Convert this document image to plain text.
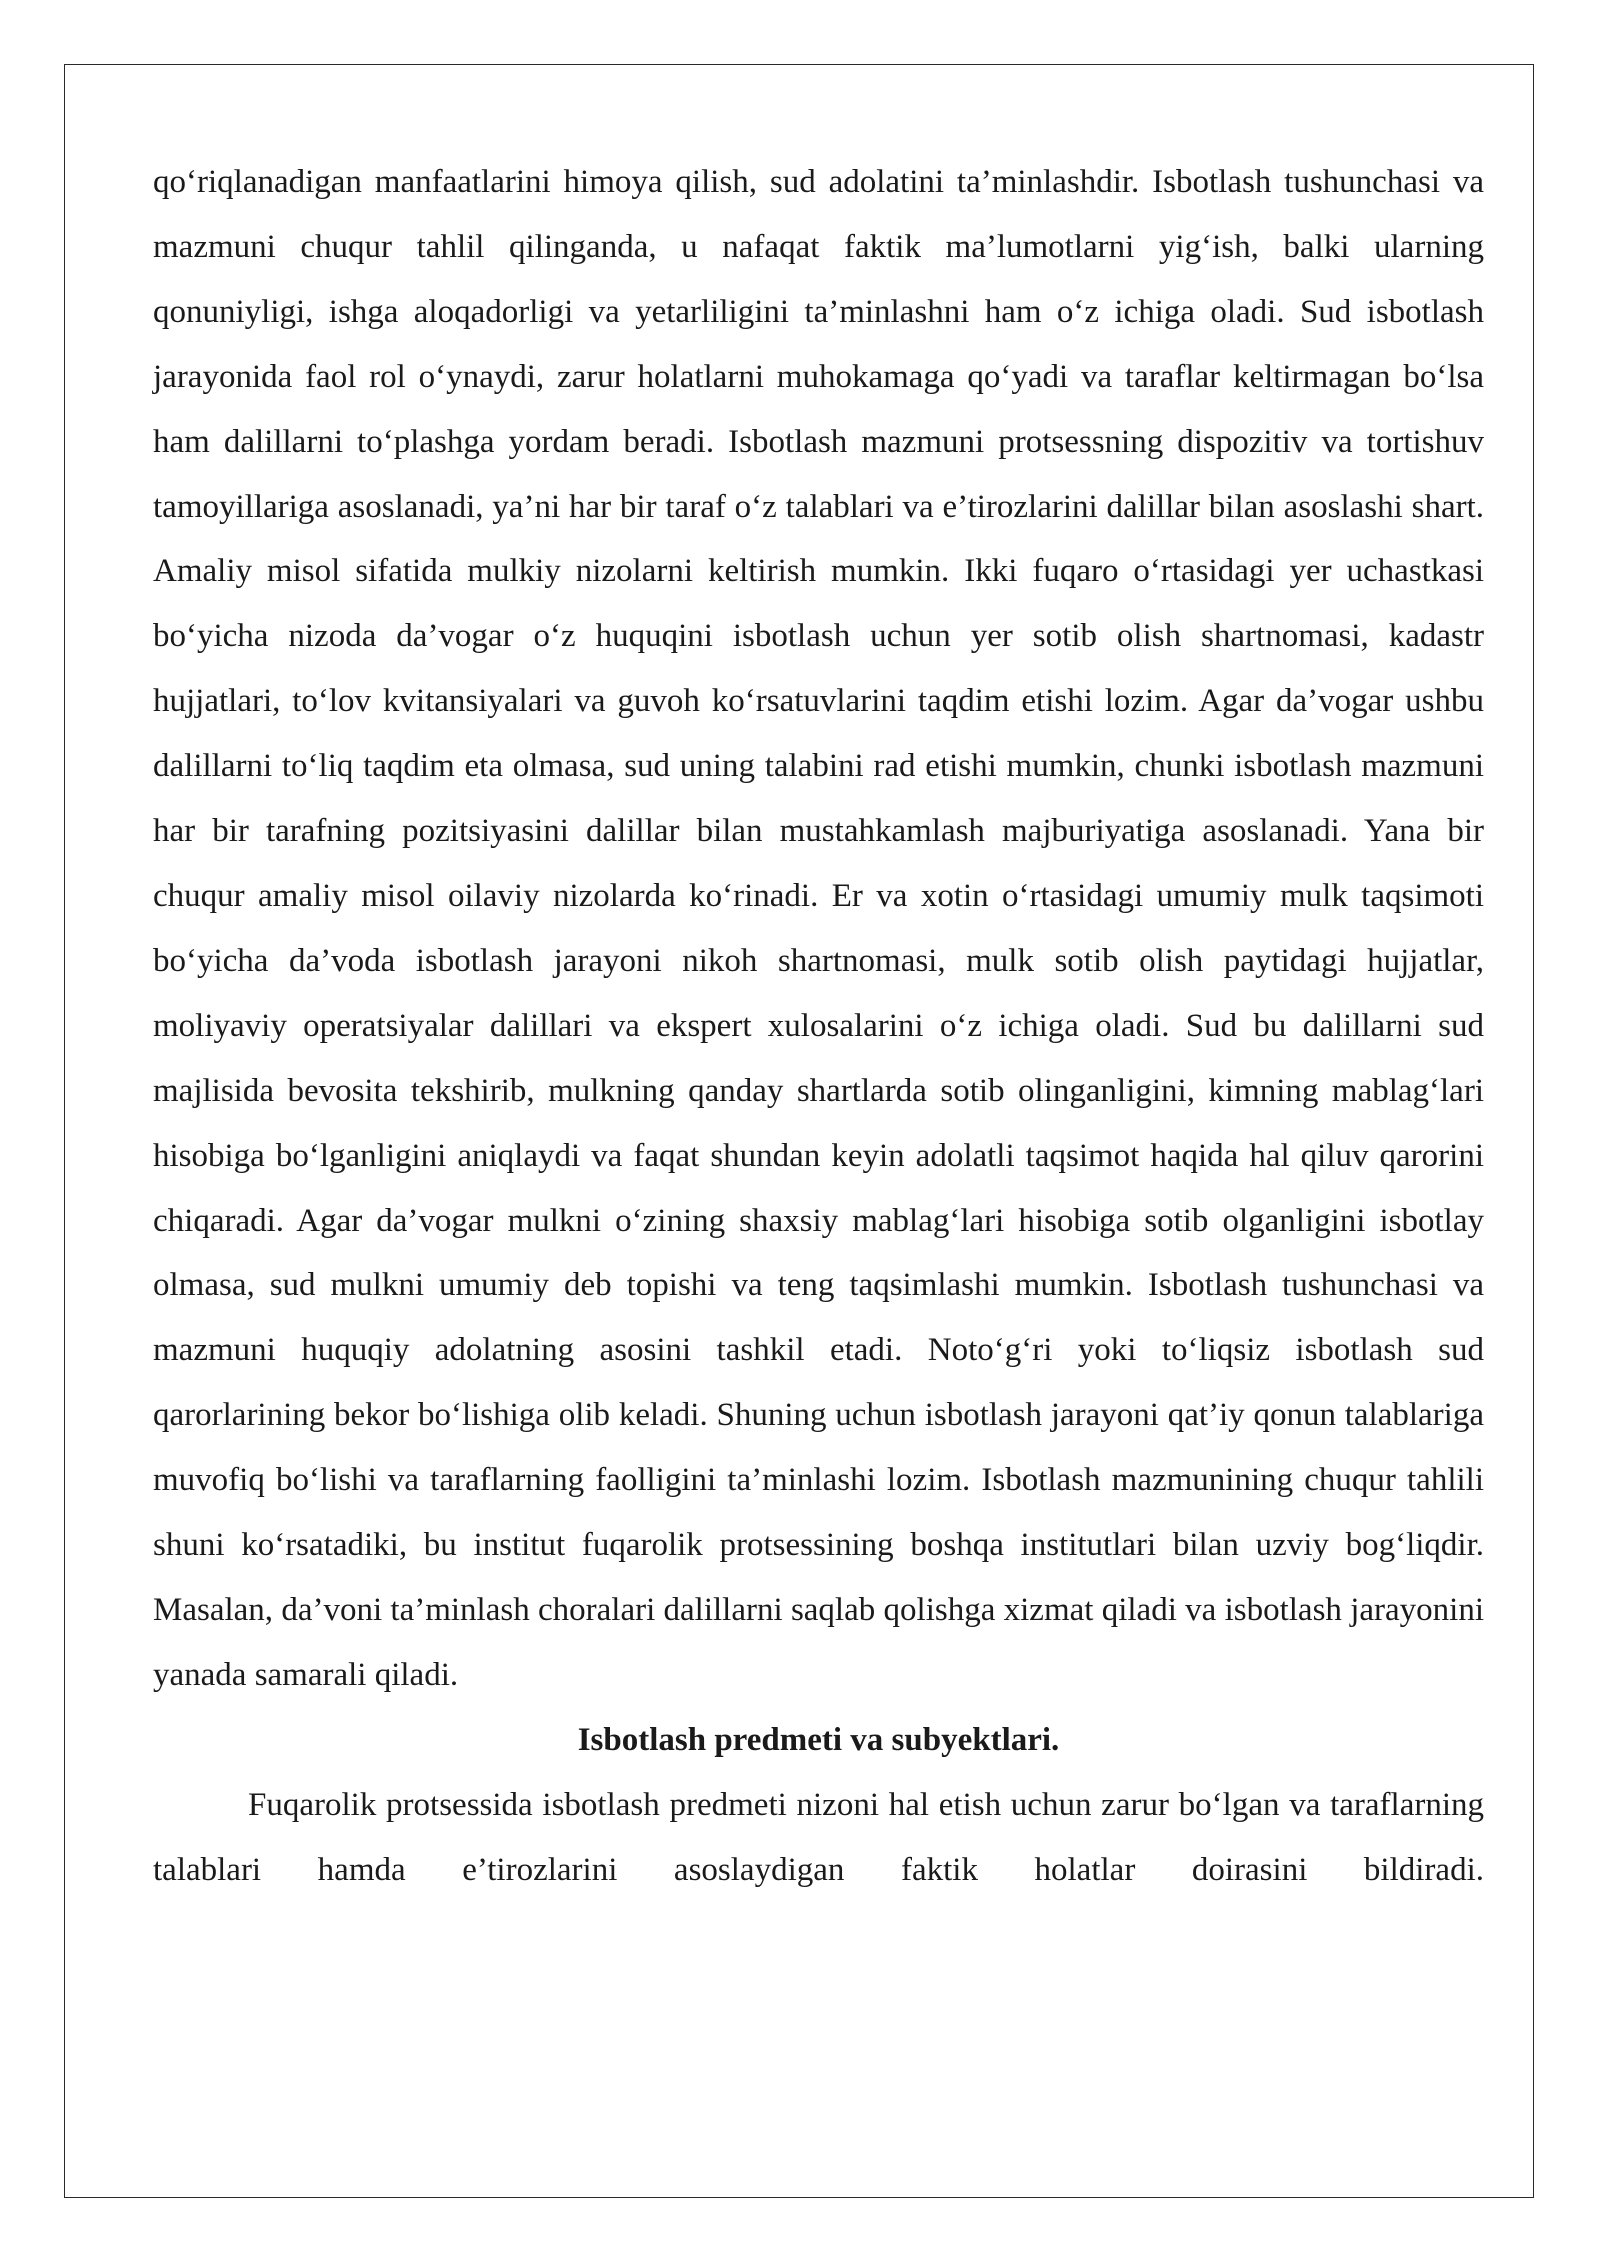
qo‘riqlanadigan manfaatlarini himoya qilish, sud adolatini ta’minlashdir. Isbotlash tushunchasi va mazmuni chuqur tahlil qilinganda, u nafaqat faktik ma’lumotlarni yig‘ish, balki ularning qonuniyligi, ishga aloqadorligi va yetarliligini ta’minlashni ham o‘z ichiga oladi. Sud isbotlash jarayonida faol rol o‘ynaydi, zarur holatlarni muhokamaga qo‘yadi va taraflar keltirmagan bo‘lsa ham dalillarni to‘plashga yordam beradi. Isbotlash mazmuni protsessning dispozitiv va tortishuv tamoyillariga asoslanadi, ya’ni har bir taraf o‘z talablari va e’tirozlarini dalillar bilan asoslashi shart. Amaliy misol sifatida mulkiy nizolarni keltirish mumkin. Ikki fuqaro o‘rtasidagi yer uchastkasi bo‘yicha nizoda da’vogar o‘z huquqini isbotlash uchun yer sotib olish shartnomasi, kadastr hujjatlari, to‘lov kvitansiyalari va guvoh ko‘rsatuvlarini taqdim etishi lozim. Agar da’vogar ushbu dalillarni to‘liq taqdim eta olmasa, sud uning talabini rad etishi mumkin, chunki isbotlash mazmuni har bir tarafning pozitsiyasini dalillar bilan mustahkamlash majburiyatiga asoslanadi. Yana bir chuqur amaliy misol oilaviy nizolarda ko‘rinadi. Er va xotin o‘rtasidagi umumiy mulk taqsimoti bo‘yicha da’voda isbotlash jarayoni nikoh shartnomasi, mulk sotib olish paytidagi hujjatlar, moliyaviy operatsiyalar dalillari va ekspert xulosalarini o‘z ichiga oladi. Sud bu dalillarni sud majlisida bevosita tekshirib, mulkning qanday shartlarda sotib olinganligini, kimning mablag‘lari hisobiga bo‘lganligini aniqlaydi va faqat shundan keyin adolatli taqsimot haqida hal qiluv qarorini chiqaradi. Agar da’vogar mulkni o‘zining shaxsiy mablag‘lari hisobiga sotib olganligini isbotlay olmasa, sud mulkni umumiy deb topishi va teng taqsimlashi mumkin. Isbotlash tushunchasi va mazmuni huquqiy adolatning asosini tashkil etadi. Noto‘g‘ri yoki to‘liqsiz isbotlash sud qarorlarining bekor bo‘lishiga olib keladi. Shuning uchun isbotlash jarayoni qat’iy qonun talablariga muvofiq bo‘lishi va taraflarning faolligini ta’minlashi lozim. Isbotlash mazmunining chuqur tahlili shuni ko‘rsatadiki, bu institut fuqarolik protsessining boshqa institutlari bilan uzviy bog‘liqdir. Masalan, da’voni ta’minlash choralari dalillarni saqlab qolishga xizmat qiladi va isbotlash jarayonini yanada samarali qiladi.

Isbotlash predmeti va subyektlari.

Fuqarolik protsessida isbotlash predmeti nizoni hal etish uchun zarur bo‘lgan va taraflarning talablari hamda e’tirozlarini asoslaydigan faktik holatlar doirasini bildiradi.
